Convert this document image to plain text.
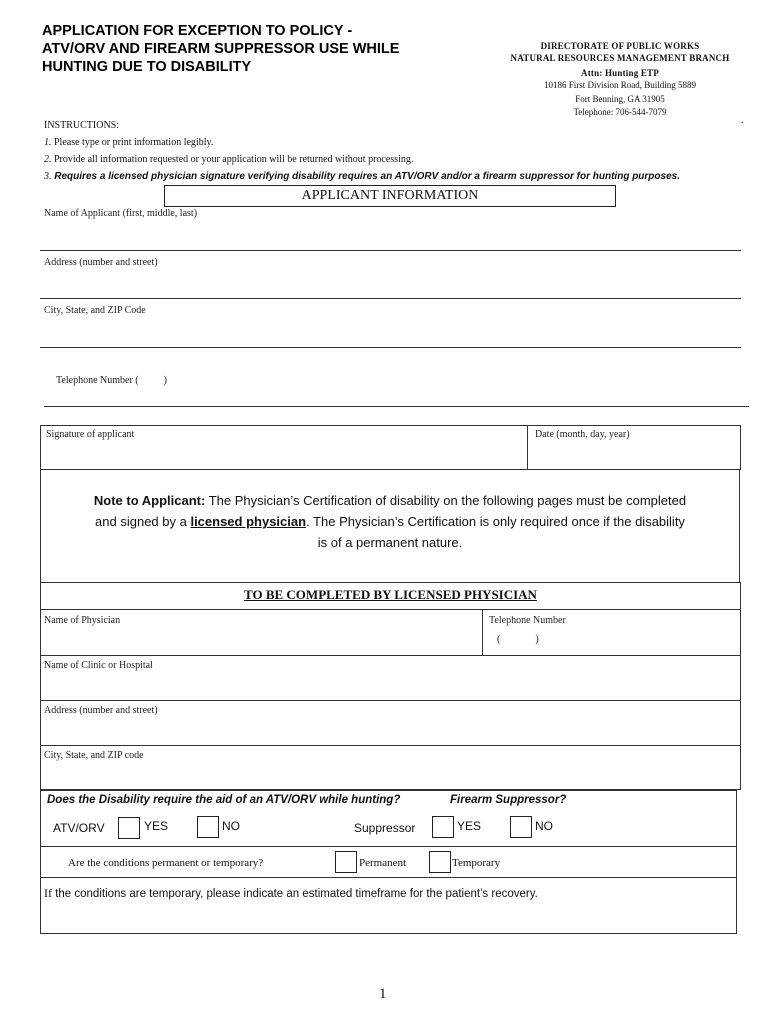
APPLICATION FOR EXCEPTION TO POLICY -
ATV/ORV AND FIREARM SUPPRESSOR USE WHILE
HUNTING DUE TO DISABILITY
DIRECTORATE OF PUBLIC WORKS
NATURAL RESOURCES MANAGEMENT BRANCH
Attn: Hunting ETP
10186 First Division Road, Building 5889
Fort Benning, GA 31905
Telephone: 706-544-7079
INSTRUCTIONS:
1. Please type or print information legibly.
2. Provide all information requested or your application will be returned without processing.
3. Requires a licensed physician signature verifying disability requires an ATV/ORV and/or a firearm suppressor for hunting purposes.
.
APPLICANT INFORMATION
Name of Applicant (first, middle, last)
Address (number and street)
City, State, and ZIP Code
Telephone Number (          )
Signature of applicant	Date (month, day, year)
Note to Applicant: The Physician’s Certification of disability on the following pages must be completed
and signed by a licensed physician. The Physician’s Certification is only required once if the disability
is of a permanent nature.
TO BE COMPLETED BY LICENSED PHYSICIAN
Name of Physician	Telephone Number
(              )
Name of Clinic or Hospital
Address (number and street)
City, State, and ZIP code
Does the Disability require the aid of an ATV/ORV while hunting?	Firearm Suppressor?
ATV/ORV	YES	NO	Suppressor	YES	NO
Are the conditions permanent or temporary?	Permanent	Temporary
If the conditions are temporary, please indicate an estimated timeframe for the patient’s recovery.
1
